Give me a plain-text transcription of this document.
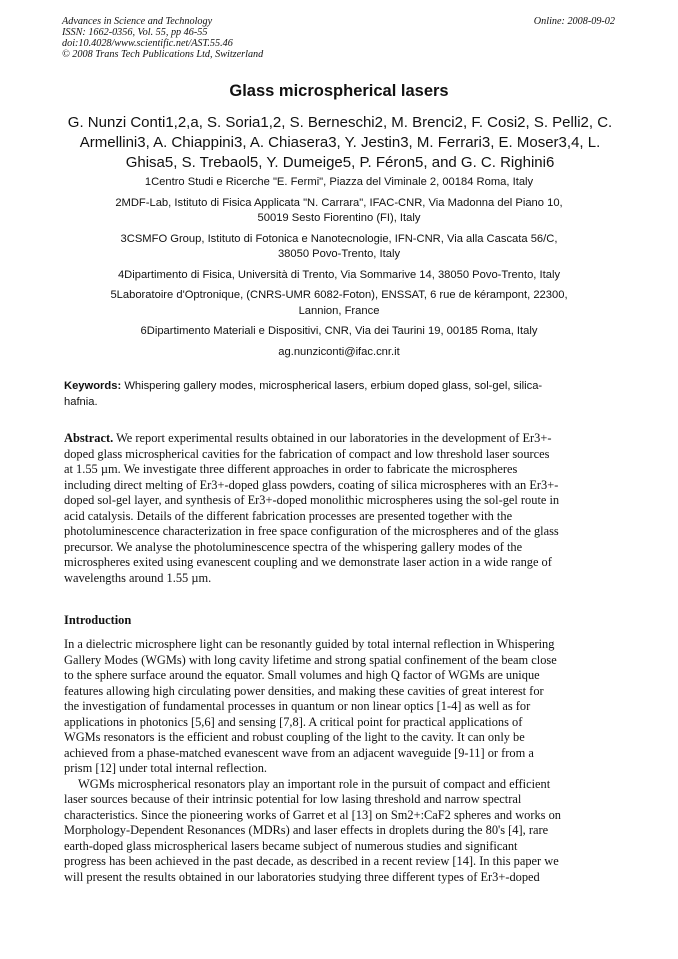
Advances in Science and Technology
ISSN: 1662-0356, Vol. 55, pp 46-55
doi:10.4028/www.scientific.net/AST.55.46
© 2008 Trans Tech Publications Ltd, Switzerland
Online: 2008-09-02
Glass microspherical lasers
G. Nunzi Conti1,2,a, S. Soria1,2, S. Berneschi2, M. Brenci2, F. Cosi2, S. Pelli2, C.
Armellini3, A. Chiappini3, A. Chiasera3, Y. Jestin3, M. Ferrari3, E. Moser3,4, L.
Ghisa5, S. Trebaol5, Y. Dumeige5, P. Féron5, and G. C. Righini6
1Centro Studi e Ricerche "E. Fermi", Piazza del Viminale 2, 00184 Roma, Italy
2MDF-Lab, Istituto di Fisica Applicata "N. Carrara", IFAC-CNR, Via Madonna del Piano 10,
50019 Sesto Fiorentino (FI), Italy
3CSMFO Group, Istituto di Fotonica e Nanotecnologie, IFN-CNR, Via alla Cascata 56/C,
38050 Povo-Trento, Italy
4Dipartimento di Fisica, Università di Trento, Via Sommarive 14, 38050 Povo-Trento, Italy
5Laboratoire d'Optronique, (CNRS-UMR 6082-Foton), ENSSAT, 6 rue de kérampont, 22300,
Lannion, France
6Dipartimento Materiali e Dispositivi, CNR, Via dei Taurini 19, 00185 Roma, Italy
ag.nunziconti@ifac.cnr.it
Keywords: Whispering gallery modes, microspherical lasers, erbium doped glass, sol-gel, silica-
hafnia.
Abstract. We report experimental results obtained in our laboratories in the development of Er3+-
doped glass microspherical cavities for the fabrication of compact and low threshold laser sources
at 1.55 µm. We investigate three different approaches in order to fabricate the microspheres
including direct melting of Er3+-doped glass powders, coating of silica microspheres with an Er3+-
doped sol-gel layer, and synthesis of Er3+-doped monolithic microspheres using the sol-gel route in
acid catalysis. Details of the different fabrication processes are presented together with the
photoluminescence characterization in free space configuration of the microspheres and of the glass
precursor. We analyse the photoluminescence spectra of the whispering gallery modes of the
microspheres exited using evanescent coupling and we demonstrate laser action in a wide range of
wavelengths around 1.55 µm.
Introduction
In a dielectric microsphere light can be resonantly guided by total internal reflection in Whispering
Gallery Modes (WGMs) with long cavity lifetime and strong spatial confinement of the beam close
to the sphere surface around the equator. Small volumes and high Q factor of WGMs are unique
features allowing high circulating power densities, and making these cavities of great interest for
the investigation of fundamental processes in quantum or non linear optics [1-4] as well as for
applications in photonics [5,6] and sensing [7,8]. A critical point for practical applications of
WGMs resonators is the efficient and robust coupling of the light to the cavity. It can only be
achieved from a phase-matched evanescent wave from an adjacent waveguide [9-11] or from a
prism [12] under total internal reflection.
WGMs microspherical resonators play an important role in the pursuit of compact and efficient
laser sources because of their intrinsic potential for low lasing threshold and narrow spectral
characteristics. Since the pioneering works of Garret et al [13] on Sm2+:CaF2 spheres and works on
Morphology-Dependent Resonances (MDRs) and laser effects in droplets during the 80's [4], rare
earth-doped glass microspherical lasers became subject of numerous studies and significant
progress has been achieved in the past decade, as described in a recent review [14]. In this paper we
will present the results obtained in our laboratories studying three different types of Er3+-doped
